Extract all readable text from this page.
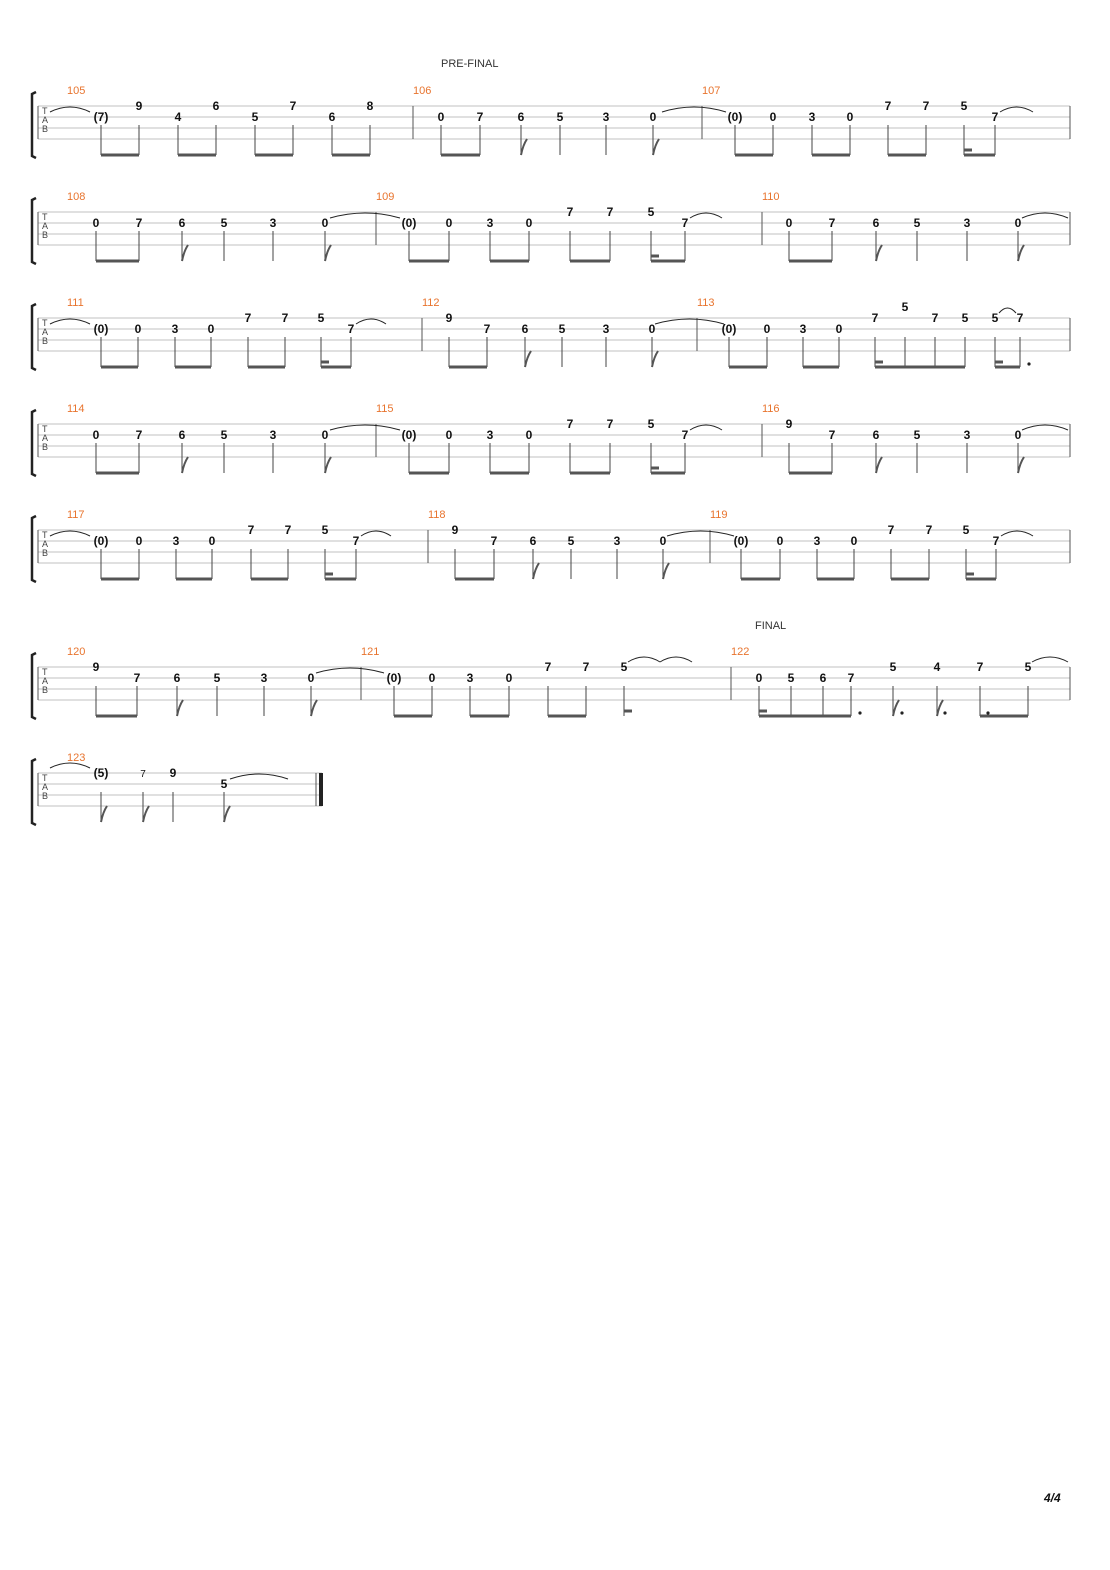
PRE-FINAL
FINAL
105	106	107
108	109	110
111	112	113
114	115	116
117	118	119
120	121	122
123
4/4
T
A
B
T
A
B
T
A
B
T
A
B
T
A
B
T
A
B
T
A
B
(7)
9
4
6
5
7
6
8
0	7	6	5	3	0	(0) 0	3	0
7	7	5
7
0	7	6	5	3	0	(0) 0	3	0
7	7	5
7	0	7	6	5	3	0
(0) 0	3 0
7	7 5
7
9
7	6	5	3	0	(0) 0 3 0
7
5
7 5 5 7
0	7	6	5	3	0	(0) 0	3	0
7	7	5
7
9
7	6	5	3	0
(0) 0	3 0
7	7	5
7
9
7	6	5	3	0	(0) 0	3	0
7	7	5
7
9
7	6	5	3	0	(0) 0	3	0
7	7	5
0 5 6 7
5	4	7	5
(5)	7 9
5
